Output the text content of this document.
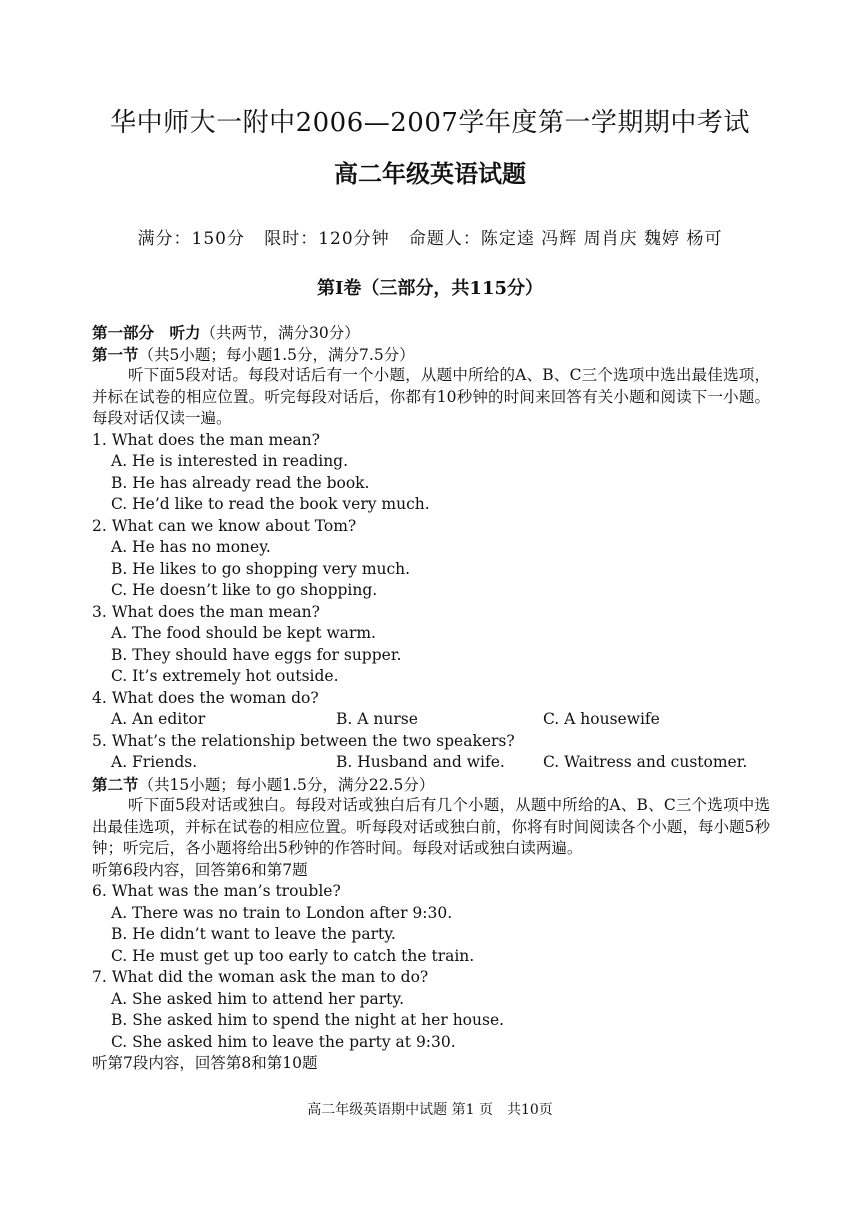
华中师大一附中2006—2007学年度第一学期期中考试
高二年级英语试题
满分：150分   限时：120分钟   命题人：陈定逵 冯辉 周肖庆 魏婷 杨可
第I卷（三部分，共115分）
第一部分　听力（共两节，满分30分）
第一节（共5小题；每小题1.5分，满分7.5分）
听下面5段对话。每段对话后有一个小题，从题中所给的A、B、C三个选项中选出最佳选项，并标在试卷的相应位置。听完每段对话后，你都有10秒钟的时间来回答有关小题和阅读下一小题。每段对话仅读一遍。
1. What does the man mean?
A. He is interested in reading.
B. He has already read the book.
C. He’d like to read the book very much.
2. What can we know about Tom?
A. He has no money.
B. He likes to go shopping very much.
C. He doesn’t like to go shopping.
3. What does the man mean?
A. The food should be kept warm.
B. They should have eggs for supper.
C. It’s extremely hot outside.
4. What does the woman do?
A. An editor	B. A nurse	C. A housewife
5. What’s the relationship between the two speakers?
A. Friends.	B. Husband and wife.	C. Waitress and customer.
第二节（共15小题；每小题1.5分，满分22.5分）
听下面5段对话或独白。每段对话或独白后有几个小题，从题中所给的A、B、C三个选项中选出最佳选项，并标在试卷的相应位置。听每段对话或独白前，你将有时间阅读各个小题，每小题5秒钟；听完后，各小题将给出5秒钟的作答时间。每段对话或独白读两遍。
听第6段内容，回答第6和第7题
6. What was the man’s trouble?
A. There was no train to London after 9:30.
B. He didn’t want to leave the party.
C. He must get up too early to catch the train.
7. What did the woman ask the man to do?
A. She asked him to attend her party.
B. She asked him to spend the night at her house.
C. She asked him to leave the party at 9:30.
听第7段内容，回答第8和第10题
高二年级英语期中试题 第1 页　共10页
